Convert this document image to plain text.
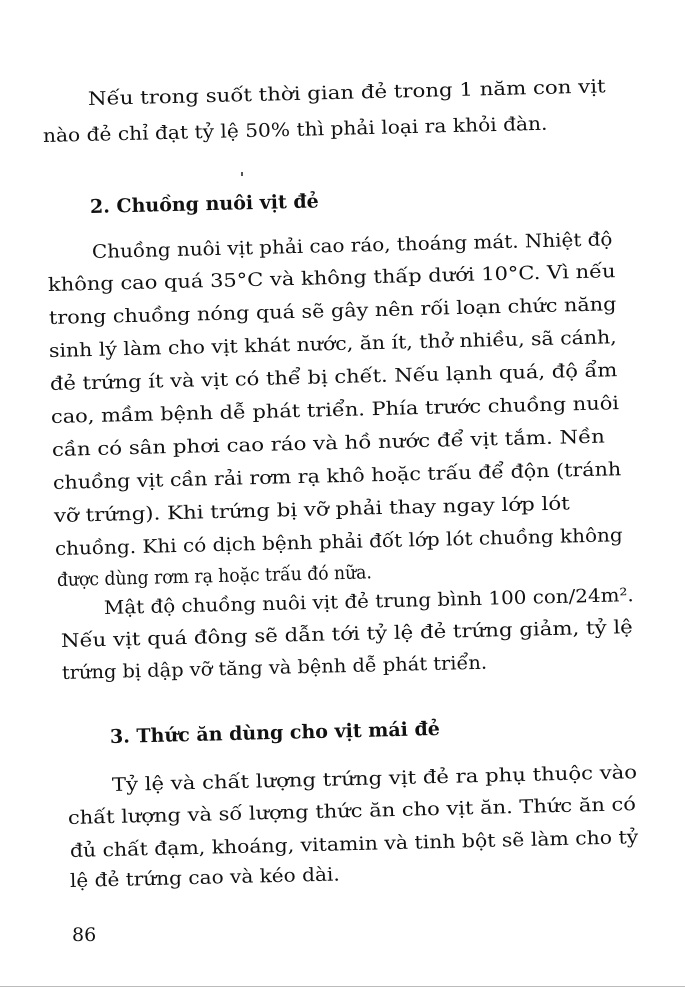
Nếu trong suốt thời gian đẻ trong 1 năm con vịt
nào đẻ chỉ đạt tỷ lệ 50% thì phải loại ra khỏi đàn.
2. Chuồng nuôi vịt đẻ
Chuồng nuôi vịt phải cao ráo, thoáng mát. Nhiệt độ
không cao quá 35°C và không thấp dưới 10°C. Vì nếu
trong chuồng nóng quá sẽ gây nên rối loạn chức năng
sinh lý làm cho vịt khát nước, ăn ít, thở nhiều, sã cánh,
đẻ trứng ít và vịt có thể bị chết. Nếu lạnh quá, độ ẩm
cao, mầm bệnh dễ phát triển. Phía trước chuồng nuôi
cần có sân phơi cao ráo và hồ nước để vịt tắm. Nền
chuồng vịt cần rải rơm rạ khô hoặc trấu để độn (tránh
vỡ trứng). Khi trứng bị vỡ phải thay ngay lớp lót
chuồng. Khi có dịch bệnh phải đốt lớp lót chuồng không
được dùng rơm rạ hoặc trấu đó nữa.
Mật độ chuồng nuôi vịt đẻ trung bình 100 con/24m².
Nếu vịt quá đông sẽ dẫn tới tỷ lệ đẻ trứng giảm, tỷ lệ
trứng bị dập vỡ tăng và bệnh dễ phát triển.
3. Thức ăn dùng cho vịt mái đẻ
Tỷ lệ và chất lượng trứng vịt đẻ ra phụ thuộc vào
chất lượng và số lượng thức ăn cho vịt ăn. Thức ăn có
đủ chất đạm, khoáng, vitamin và tinh bột sẽ làm cho tỷ
lệ đẻ trứng cao và kéo dài.
86
